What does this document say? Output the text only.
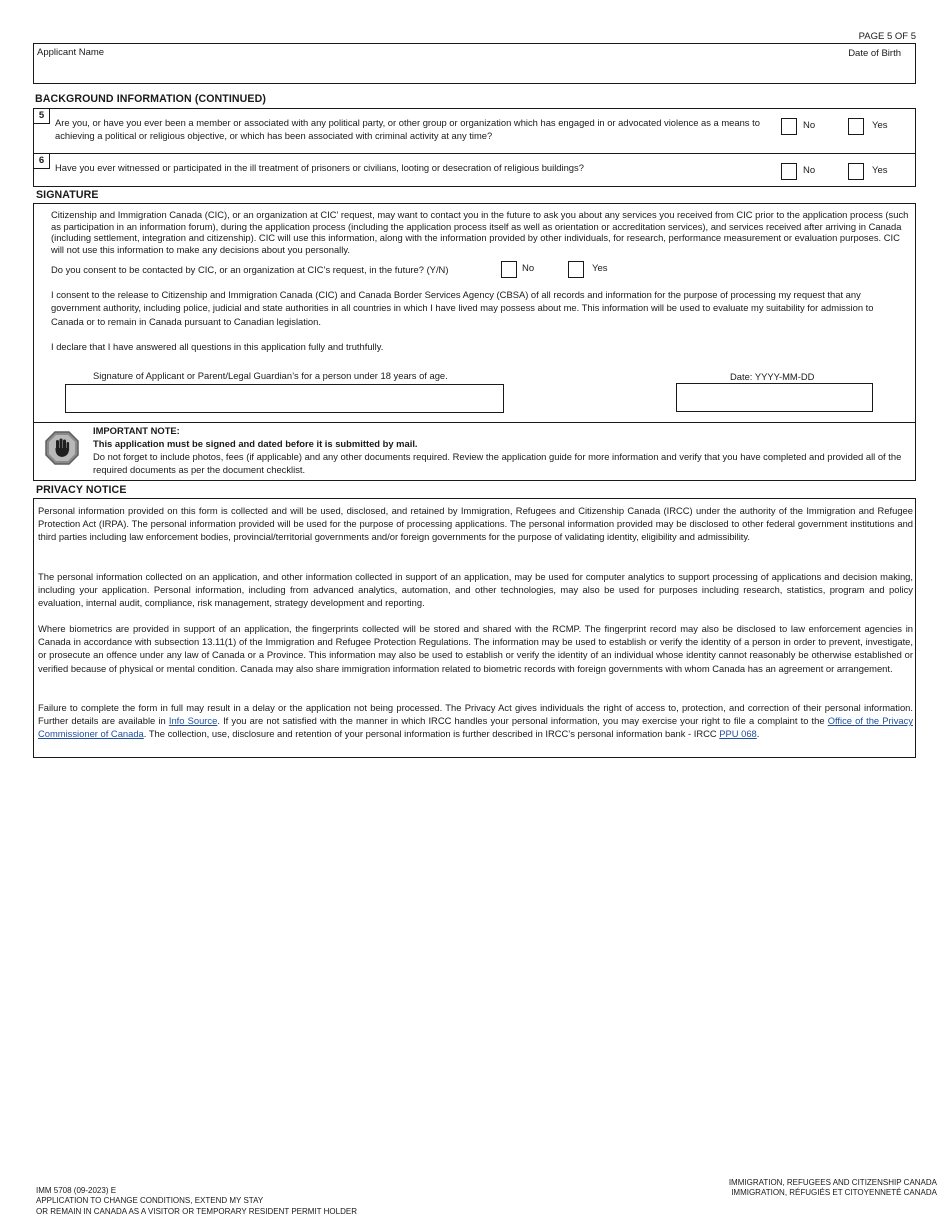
PAGE 5 OF 5
Applicant Name	Date of Birth
BACKGROUND INFORMATION (CONTINUED)
5
Are you, or have you ever been a member or associated with any political party, or other group or organization which has engaged in or advocated violence as a means to achieving a political or religious objective, or which has been associated with criminal activity at any time?
No	Yes
6
Have you ever witnessed or participated in the ill treatment of prisoners or civilians, looting or desecration of religious buildings?	No	Yes
SIGNATURE
Citizenship and Immigration Canada (CIC), or an organization at CIC’ request, may want to contact you in the future to ask you about any services you received from CIC prior to the application process (such as participation in an information forum), during the application process (including the application process itself as well as orientation or accreditation services), and services received after arriving in Canada (including settlement, integration and citizenship). CIC will use this information, along with the information provided by other individuals, for research, performance measurement or evaluation purposes. CIC will not use this information to make any decisions about you personally.
Do you consent to be contacted by CIC, or an organization at CIC’s request, in the future? (Y/N)	No	Yes
I consent to the release to Citizenship and Immigration Canada (CIC) and Canada Border Services Agency (CBSA) of all records and information for the purpose of processing my request that any government authority, including police, judicial and state authorities in all countries in which I have lived may possess about me. This information will be used to evaluate my suitability for admission to Canada or to remain in Canada pursuant to Canadian legislation.
I declare that I have answered all questions in this application fully and truthfully.
Signature of Applicant or Parent/Legal Guardian’s for a person under 18 years of age.	Date: YYYY-MM-DD
IMPORTANT NOTE:
This application must be signed and dated before it is submitted by mail.
Do not forget to include photos, fees (if applicable) and any other documents required. Review the application guide for more information and verify that you have completed and provided all of the required documents as per the document checklist.
PRIVACY NOTICE
Personal information provided on this form is collected and will be used, disclosed, and retained by Immigration, Refugees and Citizenship Canada (IRCC) under the authority of the Immigration and Refugee Protection Act (IRPA). The personal information provided will be used for the purpose of processing applications. The personal information provided may be disclosed to other federal government institutions and third parties including law enforcement bodies, provincial/territorial governments and/or foreign governments for the purpose of validating identity, eligibility and admissibility.
The personal information collected on an application, and other information collected in support of an application, may be used for computer analytics to support processing of applications and decision making, including your application. Personal information, including from advanced analytics, automation, and other technologies, may also be used for purposes including research, statistics, program and policy evaluation, internal audit, compliance, risk management, strategy development and reporting.
Where biometrics are provided in support of an application, the fingerprints collected will be stored and shared with the RCMP. The fingerprint record may also be disclosed to law enforcement agencies in Canada in accordance with subsection 13.11(1) of the Immigration and Refugee Protection Regulations. The information may be used to establish or verify the identity of a person in order to prevent, investigate, or prosecute an offence under any law of Canada or a Province. This information may also be used to establish or verify the identity of an individual whose identity cannot reasonably be otherwise established or verified because of physical or mental condition. Canada may also share immigration information related to biometric records with foreign governments with whom Canada has an agreement or arrangement.
Failure to complete the form in full may result in a delay or the application not being processed. The Privacy Act gives individuals the right of access to, protection, and correction of their personal information. Further details are available in Info Source. If you are not satisfied with the manner in which IRCC handles your personal information, you may exercise your right to file a complaint to the Office of the Privacy Commissioner of Canada. The collection, use, disclosure and retention of your personal information is further described in IRCC’s personal information bank - IRCC PPU 068.
IMM 5708 (09-2023) E
APPLICATION TO CHANGE CONDITIONS, EXTEND MY STAY
OR REMAIN IN CANADA AS A VISITOR OR TEMPORARY RESIDENT PERMIT HOLDER
IMMIGRATION, REFUGEES AND CITIZENSHIP CANADA
IMMIGRATION, RÉFUGIÉS ET CITOYENNETÉ CANADA
